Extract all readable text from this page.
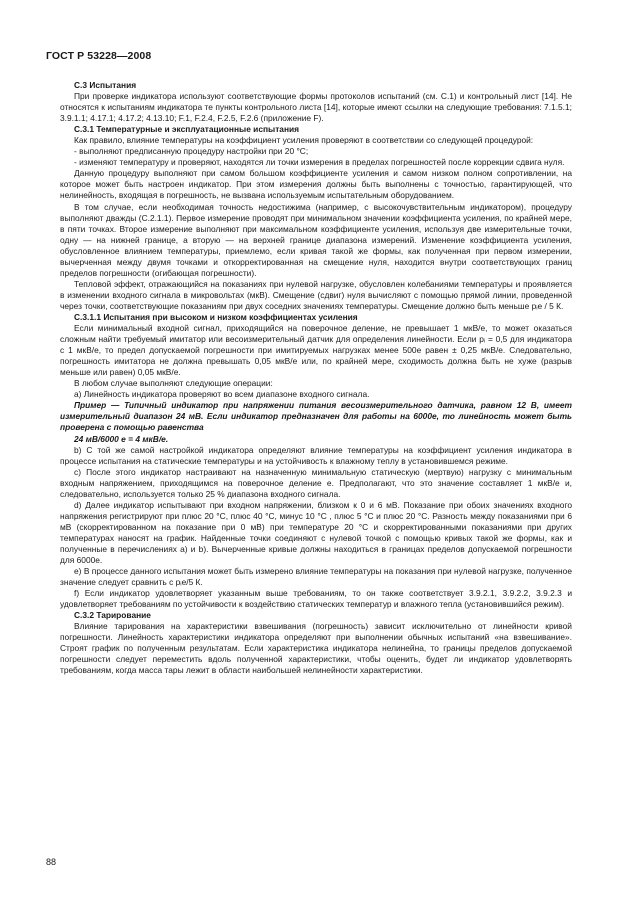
ГОСТ Р 53228—2008

С.3 Испытания

При проверке индикатора используют соответствующие формы протоколов испытаний (см. С.1) и контрольный лист [14]. Не относятся к испытаниям индикатора те пункты контрольного листа [14], которые имеют ссылки на следующие требования: 7.1.5.1; 3.9.1.1; 4.17.1; 4.17.2; 4.13.10; F.1, F.2.4, F.2.5, F.2.6 (приложение F).

С.3.1 Температурные и эксплуатационные испытания

Как правило, влияние температуры на коэффициент усиления проверяют в соответствии со следующей процедурой:

- выполняют предписанную процедуру настройки при 20 °С;

- изменяют температуру и проверяют, находятся ли точки измерения в пределах погрешностей после коррекции сдвига нуля.

Данную процедуру выполняют при самом большом коэффициенте усиления и самом низком полном сопротивлении, на которое может быть настроен индикатор. При этом измерения должны быть выполнены с точностью, гарантирующей, что нелинейность, входящая в погрешность, не вызвана используемым испытательным оборудованием.

В том случае, если необходимая точность недостижима (например, с высокочувствительным индикатором), процедуру выполняют дважды (С.2.1.1). Первое измерение проводят при минимальном значении коэффициента усиления, по крайней мере, в пяти точках. Второе измерение выполняют при максимальном коэффициенте усиления, используя две измерительные точки, одну — на нижней границе, а вторую — на верхней границе диапазона измерений. Изменение коэффициента усиления, обусловленное влиянием температуры, приемлемо, если кривая такой же формы, как полученная при первом измерении, вычерченная между двумя точками и откорректированная на смещение нуля, находится внутри соответствующих границ пределов погрешности (огибающая погрешности).

Тепловой эффект, отражающийся на показаниях при нулевой нагрузке, обусловлен колебаниями температуры и проявляется в изменении входного сигнала в микровольтах (мкВ). Смещение (сдвиг) нуля вычисляют с помощью прямой линии, проведенной через точки, соответствующие показаниям при двух соседних значениях температуры. Смещение должно быть меньше pᵢe / 5 К.

С.3.1.1 Испытания при высоком и низком коэффициентах усиления

Если минимальный входной сигнал, приходящийся на поверочное деление, не превышает 1 мкВ/е, то может оказаться сложным найти требуемый имитатор или весоизмерительный датчик для определения линейности. Если pᵢ = 0,5 для индикатора с 1 мкВ/е, то предел допускаемой погрешности при имитируемых нагрузках менее 500е равен ± 0,25 мкВ/е. Следовательно, погрешность имитатора не должна превышать 0,05 мкВ/е или, по крайней мере, сходимость должна быть не хуже (разрыв меньше или равен) 0,05 мкВ/е.

В любом случае выполняют следующие операции:

a) Линейность индикатора проверяют во всем диапазоне входного сигнала.

Пример — Типичный индикатор при напряжении питания весоизмерительного датчика, равном 12 В, имеет измерительный диапазон 24 мВ. Если индикатор предназначен для работы на 6000е, то линейность может быть проверена с помощью равенства

24 мВ/6000 е = 4 мкВ/е.

b) С той же самой настройкой индикатора определяют влияние температуры на коэффициент усиления индикатора в процессе испытания на статические температуры и на устойчивость к влажному теплу в установившемся режиме.

c) После этого индикатор настраивают на назначенную минимальную статическую (мертвую) нагрузку с минимальным входным напряжением, приходящимся на поверочное деление е. Предполагают, что это значение составляет 1 мкВ/е и, следовательно, используется только 25 % диапазона входного сигнала.

d) Далее индикатор испытывают при входном напряжении, близком к 0 и 6 мВ. Показание при обоих значениях входного напряжения регистрируют при плюс 20 °С, плюс 40 °С, минус 10 °С , плюс 5 °С и плюс 20 °С. Разность между показаниями при 6 мВ (скорректированном на показание при 0 мВ) при температуре 20 °С и скорректированными показаниями при других температурах наносят на график. Найденные точки соединяют с нулевой точкой с помощью кривых такой же формы, как и полученные в перечислениях a) и b). Вычерченные кривые должны находиться в границах пределов допускаемой погрешности для 6000е.

e) В процессе данного испытания может быть измерено влияние температуры на показания при нулевой нагрузке, полученное значение следует сравнить с pᵢe/5 К.

f) Если индикатор удовлетворяет указанным выше требованиям, то он также соответствует 3.9.2.1, 3.9.2.2, 3.9.2.3 и удовлетворяет требованиям по устойчивости к воздействию статических температур и влажного тепла (установившийся режим).

С.3.2 Тарирование

Влияние тарирования на характеристики взвешивания (погрешность) зависит исключительно от линейности кривой погрешности. Линейность характеристики индикатора определяют при выполнении обычных испытаний «на взвешивание». Строят график по полученным результатам. Если характеристика индикатора нелинейна, то границы пределов допускаемой погрешности следует переместить вдоль полученной характеристики, чтобы оценить, будет ли индикатор удовлетворять требованиям, когда масса тары лежит в области наибольшей нелинейности характеристики.

88
